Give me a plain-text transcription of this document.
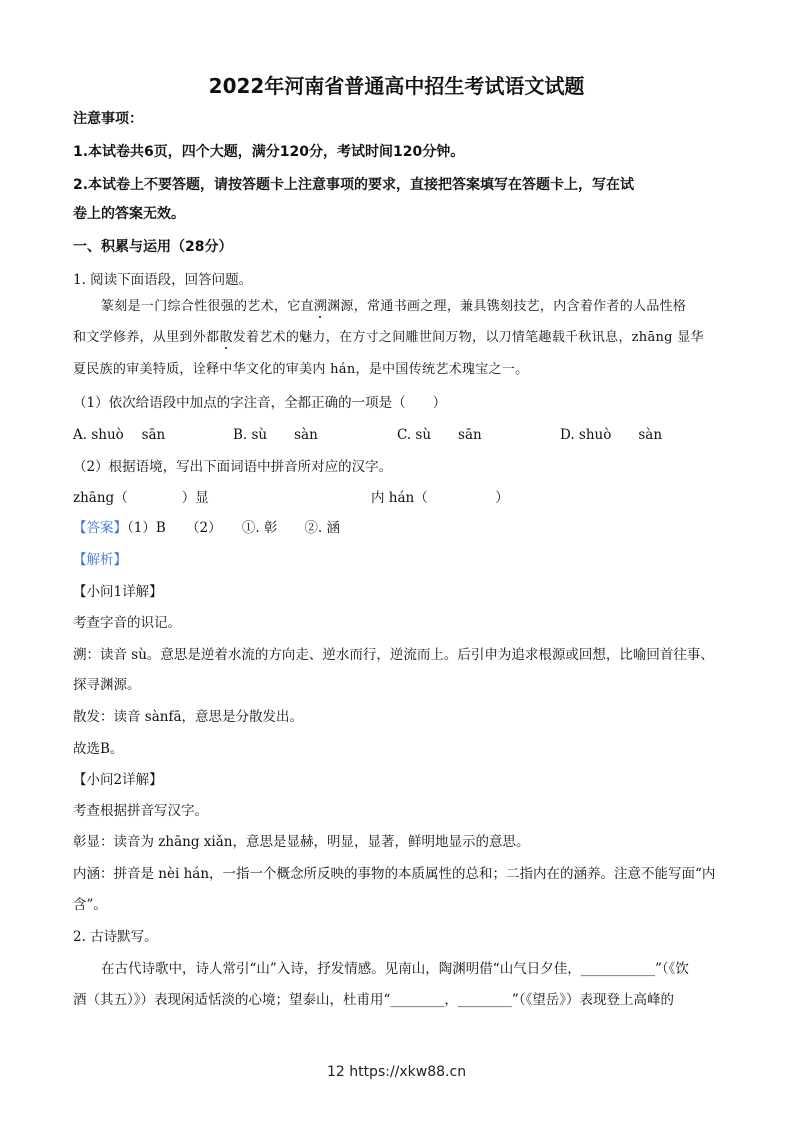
2022年河南省普通高中招生考试语文试题
注意事项：
1.本试卷共6页，四个大题，满分120分，考试时间120分钟。
2.本试卷上不要答题，请按答题卡上注意事项的要求，直接把答案填写在答题卡上，写在试
卷上的答案无效。
一、积累与运用（28分）
1. 阅读下面语段，回答问题。
篆刻是一门综合性很强的艺术，它直溯渊源，常通书画之理，兼具镌刻技艺，内含着作者的人品性格
和文学修养，从里到外都散发着艺术的魅力，在方寸之间雕世间万物，以刀情笔趣载千秋讯息，zhāng 显华
夏民族的审美特质，诠释中华文化的审美内 hán，是中国传统艺术瑰宝之一。
（1）依次给语段中加点的字注音，全都正确的一项是（　　）
A. shuò　 sān	B. sù　　sàn	C. sù　　sān	D. shuò　　sàn
（2）根据语境，写出下面词语中拼音所对应的汉字。
zhāng（　　　　）显	内 hán（　　　　　）
【答案】（1）B　　（2）　　①. 彰　　②. 涵
【解析】
【小问1详解】
考查字音的识记。
溯：读音 sù。意思是逆着水流的方向走、逆水而行，逆流而上。后引申为追求根源或回想，比喻回首往事、
探寻渊源。
散发：读音 sànfā，意思是分散发出。
故选B。
【小问2详解】
考查根据拼音写汉字。
彰显：读音为 zhāng xiǎn，意思是显赫，明显，显著，鲜明地显示的意思。
内涵：拼音是 nèi hán，一指一个概念所反映的事物的本质属性的总和；二指内在的涵养。注意不能写面“内
含”。
2. 古诗默写。
在古代诗歌中，诗人常引“山”入诗，抒发情感。见南山，陶渊明借“山气日夕佳，___________”（《饮
酒（其五）》）表现闲适恬淡的心境；望泰山，杜甫用“________，________”（《望岳》）表现登上高峰的
12 https://xkw88.cn
